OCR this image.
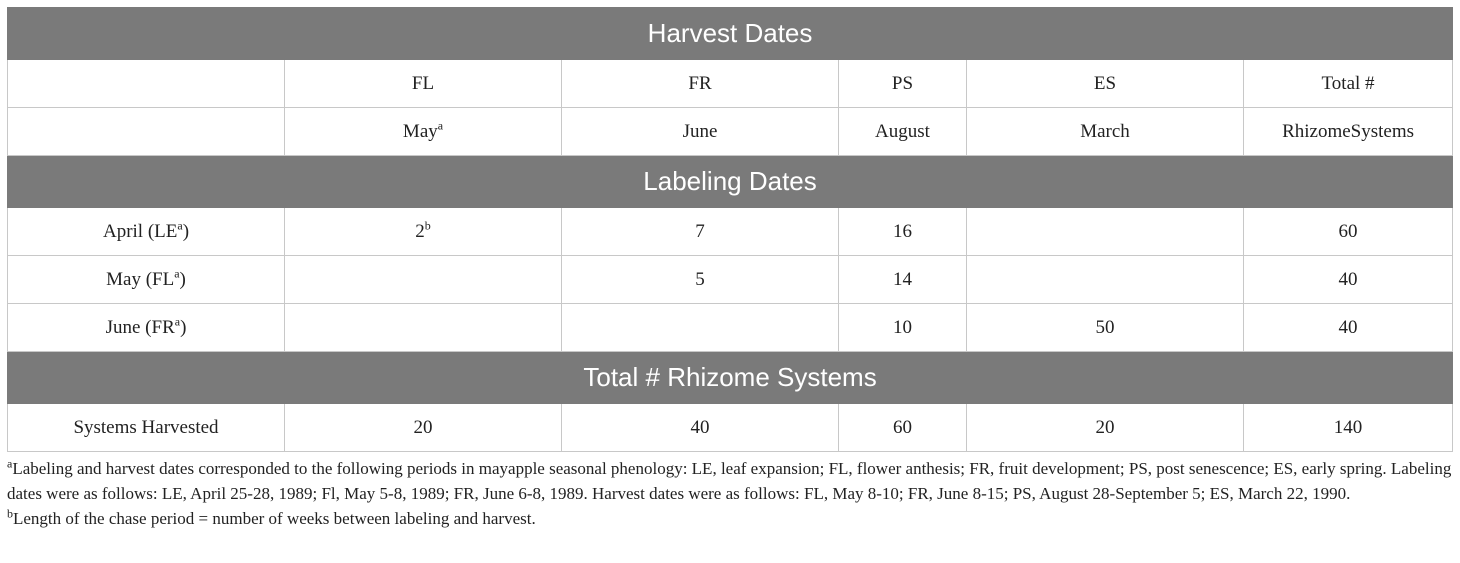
Harvest Dates					
	FL	FR	PS	ES	Total #
	May$^a$	June	August	March	RhizomeSystems
Labeling Dates					
April $(LE^a)$	2$^b$	7	16		60
May $(FL^a)$		5	14		40
June $(FR^a)$			10	50	40
Total # Rhizome Systems					
Systems Harvested	20	40	60	20	140

$^a$Labeling and harvest dates corresponded to the following periods in mayapple seasonal phenology: LE, leaf expansion; FL, flower anthesis; FR, fruit development; PS, post senescence; ES, early spring. Labeling dates were as follows: LE, April 25-28, 1989; Fl, May 5-8, 1989; FR, June 6-8, 1989. Harvest dates were as follows: FL, May 8-10; FR, June 8-15; PS, August 28-September 5; ES, March 22, 1990.

$^b$Length of the chase period = number of weeks between labeling and harvest.
